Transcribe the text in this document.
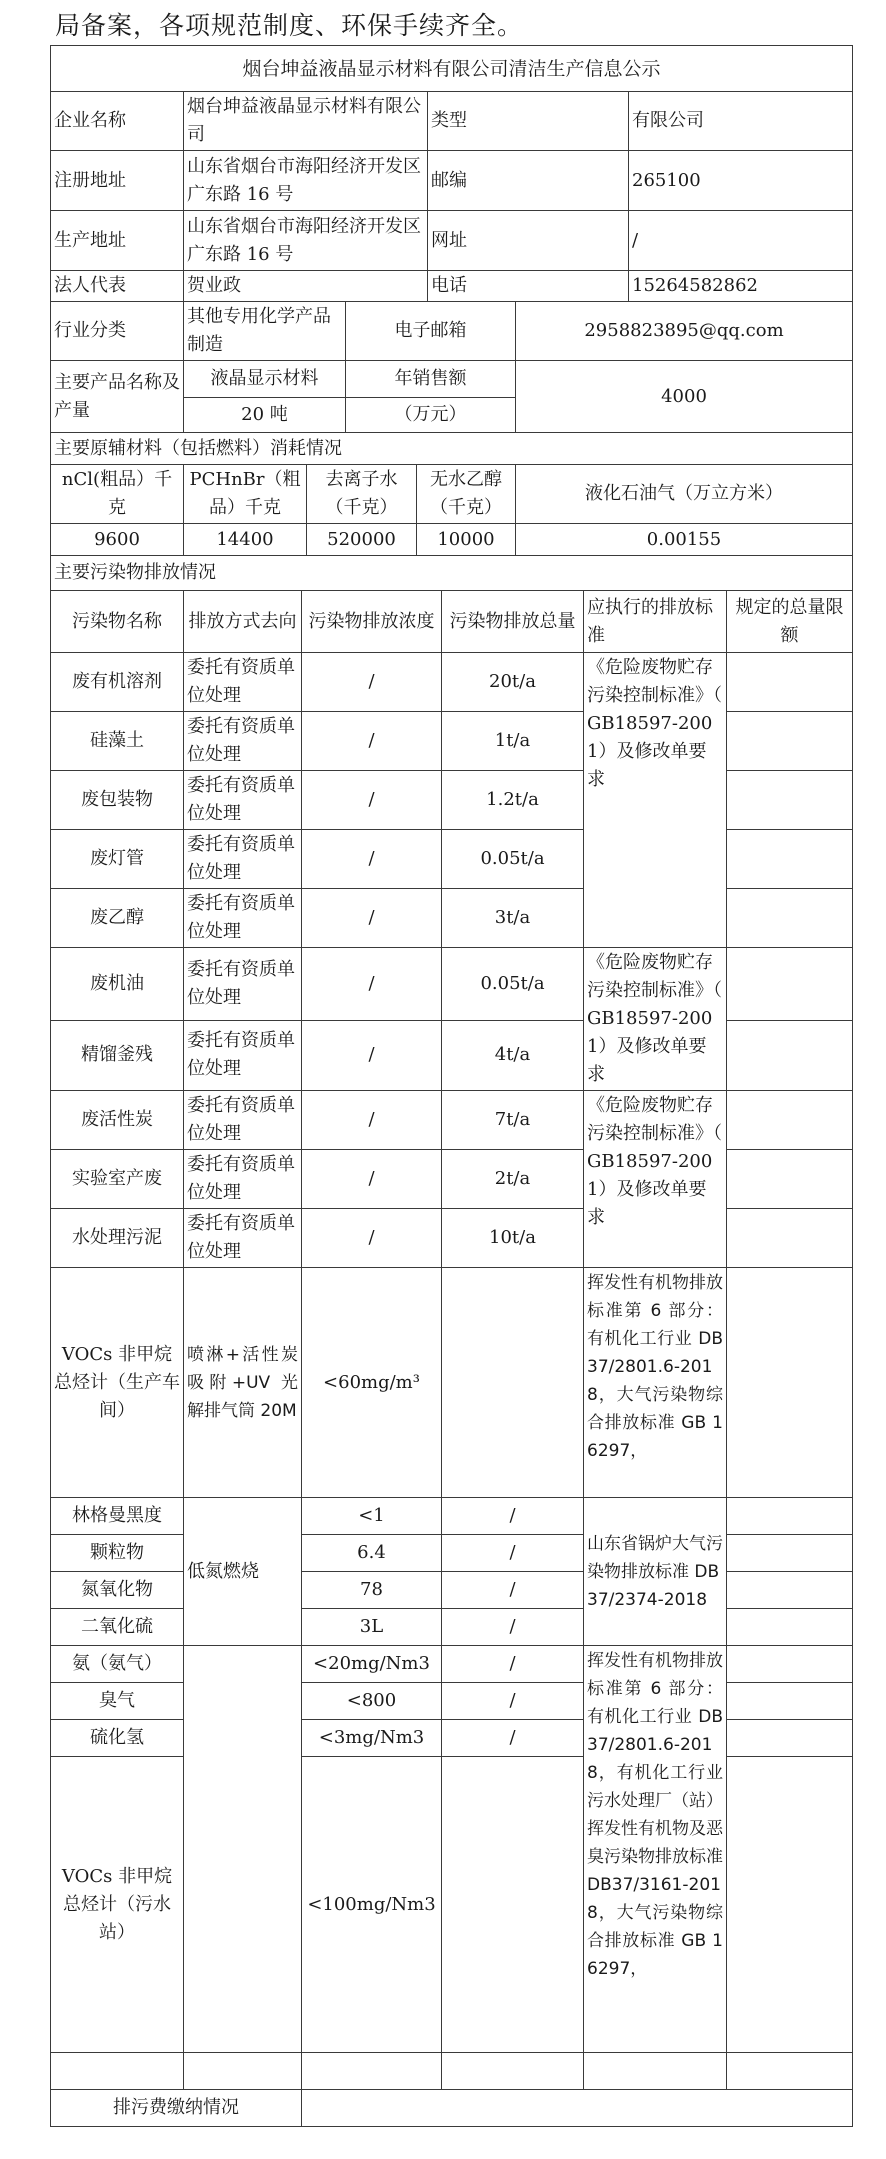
局备案，各项规范制度、环保手续齐全。
烟台坤益液晶显示材料有限公司清洁生产信息公示			
企业名称	烟台坤益液晶显示材料有限公司	类型	有限公司
注册地址	山东省烟台市海阳经济开发区广东路 16 号	邮编	265100
生产地址	山东省烟台市海阳经济开发区广东路 16 号	网址	/
法人代表	贺业政	电话	15264582862
行业分类	其他专用化学产品制造	电子邮箱	2958823895@qq.com
主要产品名称及产量	液晶显示材料	年销售额	4000
	20 吨	（万元）	
主要原辅材料（包括燃料）消耗情况				
nCl(粗品）千克	PCHnBr（粗品）千克	去离子水（千克）	无水乙醇（千克）	液化石油气（万立方米）
9600	14400	520000	10000	0.00155
主要污染物排放情况					
污染物名称	排放方式去向	污染物排放浓度	污染物排放总量	应执行的排放标准	规定的总量限额
废有机溶剂	委托有资质单位处理	/	20t/a	《危险废物贮存污染控制标准》（ GB18597-2001）及修改单要求	
硅藻土	委托有资质单位处理	/	1t/a		
废包装物	委托有资质单位处理	/	1.2t/a		
废灯管	委托有资质单位处理	/	0.05t/a		
废乙醇	委托有资质单位处理	/	3t/a		
废机油	委托有资质单位处理	/	0.05t/a	《危险废物贮存污染控制标准》（ GB18597-2001）及修改单要求	
精馏釜残	委托有资质单位处理	/	4t/a		
废活性炭	委托有资质单位处理	/	7t/a	《危险废物贮存污染控制标准》（ GB18597-2001）及修改单要求	
实验室产废	委托有资质单位处理	/	2t/a		
水处理污泥	委托有资质单位处理	/	10t/a		
VOCs 非甲烷总烃计（生产车间）	喷淋+活性炭吸附+UV 光解排气筒 20M	<60mg/m³		挥发性有机物排放标准第 6 部分：有机化工行业 DB37/2801.6-2018，大气污染物综合排放标准 GB 16297，	
林格曼黑度	低氮燃烧	<1	/	山东省锅炉大气污染物排放标准 DB37/2374-2018	
颗粒物		6.4	/		
氮氧化物		78	/		
二氧化硫		3L	/		
氨（氨气）		<20mg/Nm3	/	挥发性有机物排放标准第 6 部分：有机化工行业 DB37/2801.6-2018，有机化工行业污水处理厂（站）挥发性有机物及恶臭污染物排放标准 DB37/3161-2018，大气污染物综合排放标准 GB 16297，	
臭气		<800	/		
硫化氢		<3mg/Nm3	/		
VOCs 非甲烷总烃计（污水站）		<100mg/Nm3			

排污费缴纳情况					
